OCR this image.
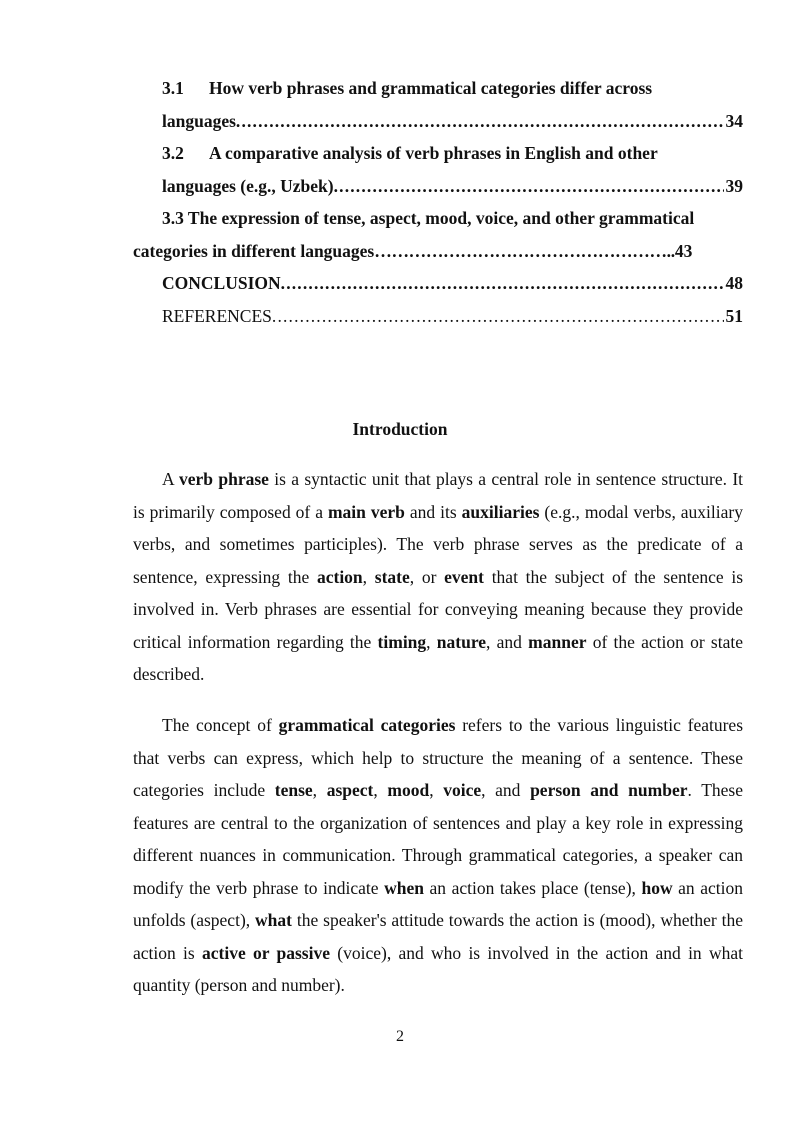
3.1	How verb phrases and grammatical categories differ across
languages . . .	34
3.2	A comparative analysis of verb phrases in English and other
languages (e.g., Uzbek) . . .	39
3.3 The expression of tense, aspect, mood, voice, and other grammatical
categories in different languages …………………………………………….. 43
CONCLUSION . . .	48
REFERENCES . . .	51
Introduction

A verb phrase is a syntactic unit that plays a central role in sentence structure. It is primarily composed of a main verb and its auxiliaries (e.g., modal verbs, auxiliary verbs, and sometimes participles). The verb phrase serves as the predicate of a sentence, expressing the action, state, or event that the subject of the sentence is involved in. Verb phrases are essential for conveying meaning because they provide critical information regarding the timing, nature, and manner of the action or state described.

The concept of grammatical categories refers to the various linguistic features that verbs can express, which help to structure the meaning of a sentence. These categories include tense, aspect, mood, voice, and person and number. These features are central to the organization of sentences and play a key role in expressing different nuances in communication. Through grammatical categories, a speaker can modify the verb phrase to indicate when an action takes place (tense), how an action unfolds (aspect), what the speaker's attitude towards the action is (mood), whether the action is active or passive (voice), and who is involved in the action and in what quantity (person and number).

2
